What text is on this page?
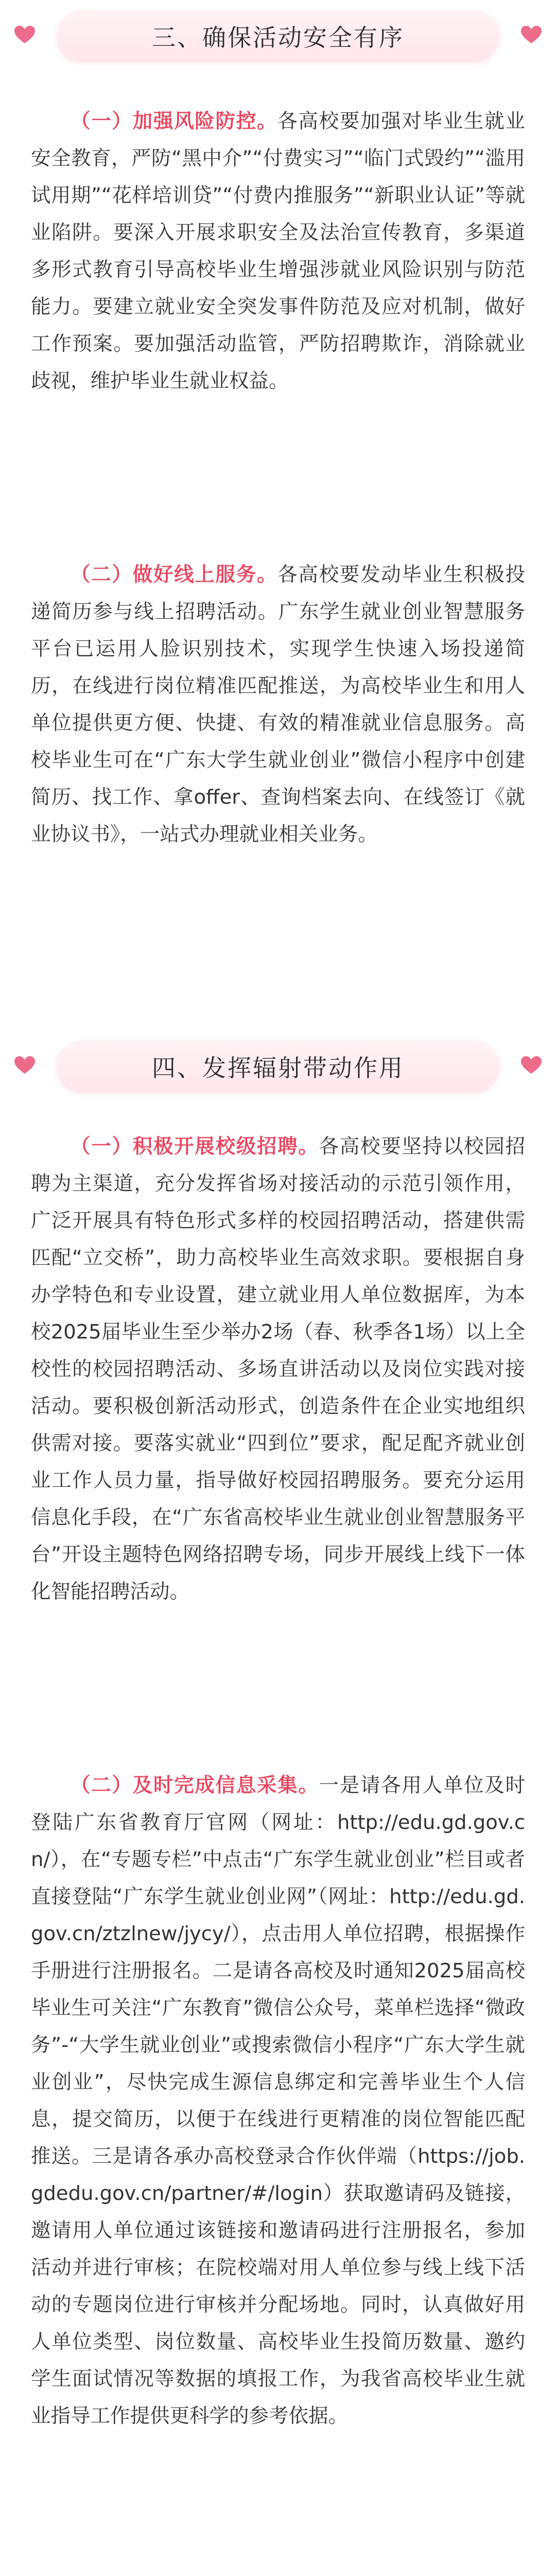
三、确保活动安全有序

（一）加强风险防控。各高校要加强对毕业生就业安全教育，严防“黑中介”“付费实习”“临门式毁约”“滥用试用期”“花样培训贷”“付费内推服务”“新职业认证”等就业陷阱。要深入开展求职安全及法治宣传教育，多渠道多形式教育引导高校毕业生增强涉就业风险识别与防范能力。要建立就业安全突发事件防范及应对机制，做好工作预案。要加强活动监管，严防招聘欺诈，消除就业歧视，维护毕业生就业权益。

（二）做好线上服务。各高校要发动毕业生积极投递简历参与线上招聘活动。广东学生就业创业智慧服务平台已运用人脸识别技术，实现学生快速入场投递简历，在线进行岗位精准匹配推送，为高校毕业生和用人单位提供更方便、快捷、有效的精准就业信息服务。高校毕业生可在“广东大学生就业创业”微信小程序中创建简历、找工作、拿offer、查询档案去向、在线签订《就业协议书》，一站式办理就业相关业务。

四、发挥辐射带动作用

（一）积极开展校级招聘。各高校要坚持以校园招聘为主渠道，充分发挥省场对接活动的示范引领作用，广泛开展具有特色形式多样的校园招聘活动，搭建供需匹配“立交桥”，助力高校毕业生高效求职。要根据自身办学特色和专业设置，建立就业用人单位数据库，为本校2025届毕业生至少举办2场（春、秋季各1场）以上全校性的校园招聘活动、多场直讲活动以及岗位实践对接活动。要积极创新活动形式，创造条件在企业实地组织供需对接。要落实就业“四到位”要求，配足配齐就业创业工作人员力量，指导做好校园招聘服务。要充分运用信息化手段，在“广东省高校毕业生就业创业智慧服务平台”开设主题特色网络招聘专场，同步开展线上线下一体化智能招聘活动。

（二）及时完成信息采集。一是请各用人单位及时登陆广东省教育厅官网（网址：http://edu.gd.gov.cn/），在“专题专栏”中点击“广东学生就业创业”栏目或者直接登陆“广东学生就业创业网”（网址：http://edu.gd.gov.cn/ztzlnew/jycy/），点击用人单位招聘，根据操作手册进行注册报名。二是请各高校及时通知2025届高校毕业生可关注“广东教育”微信公众号，菜单栏选择“微政务”-“大学生就业创业”或搜索微信小程序“广东大学生就业创业”，尽快完成生源信息绑定和完善毕业生个人信息，提交简历，以便于在线进行更精准的岗位智能匹配推送。三是请各承办高校登录合作伙伴端（https://job.gdedu.gov.cn/partner/#/login）获取邀请码及链接，邀请用人单位通过该链接和邀请码进行注册报名，参加活动并进行审核；在院校端对用人单位参与线上线下活动的专题岗位进行审核并分配场地。同时，认真做好用人单位类型、岗位数量、高校毕业生投简历数量、邀约学生面试情况等数据的填报工作，为我省高校毕业生就业指导工作提供更科学的参考依据。
